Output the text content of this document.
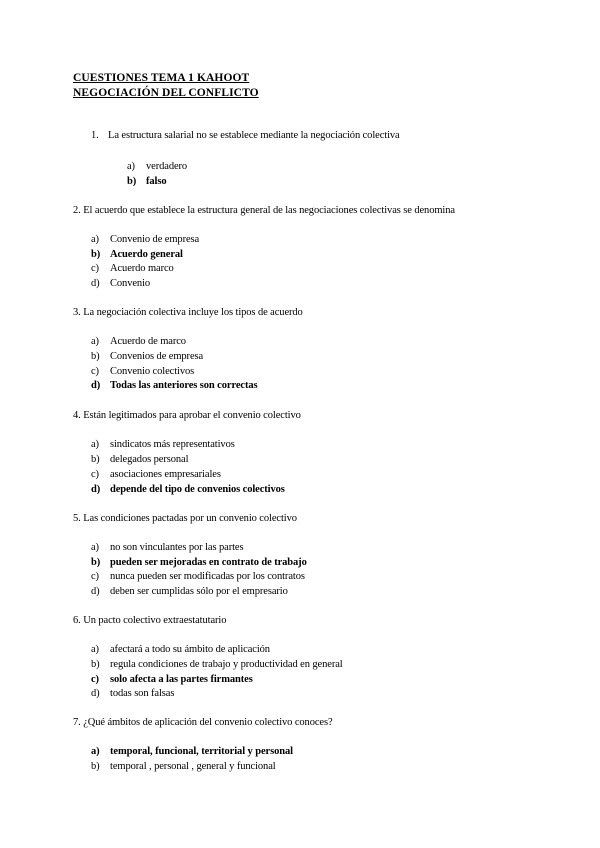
CUESTIONES TEMA 1 KAHOOT
NEGOCIACIÓN DEL CONFLICTO
1. La estructura salarial no se establece mediante la negociación colectiva
a) verdadero
b) falso
2. El acuerdo que establece la estructura general de las negociaciones colectivas se denomina
a) Convenio de empresa
b) Acuerdo general
c) Acuerdo marco
d) Convenio
3. La negociación colectiva incluye los tipos de acuerdo
a) Acuerdo de marco
b) Convenios de empresa
c) Convenio colectivos
d) Todas las anteriores son correctas
4. Están legitimados para aprobar el convenio colectivo
a) sindicatos más representativos
b) delegados personal
c) asociaciones empresariales
d) depende del tipo de convenios colectivos
5. Las condiciones pactadas por un convenio colectivo
a) no son vinculantes por las partes
b) pueden ser mejoradas en contrato de trabajo
c) nunca pueden ser modificadas por los contratos
d) deben ser cumplidas sólo por el empresario
6. Un pacto colectivo extraestatutario
a) afectará a todo su ámbito de aplicación
b) regula condiciones de trabajo y productividad en general
c) solo afecta a las partes firmantes
d) todas son falsas
7. ¿Qué ámbitos de aplicación del convenio colectivo conoces?
a) temporal, funcional, territorial y personal
b) temporal , personal , general y funcional
